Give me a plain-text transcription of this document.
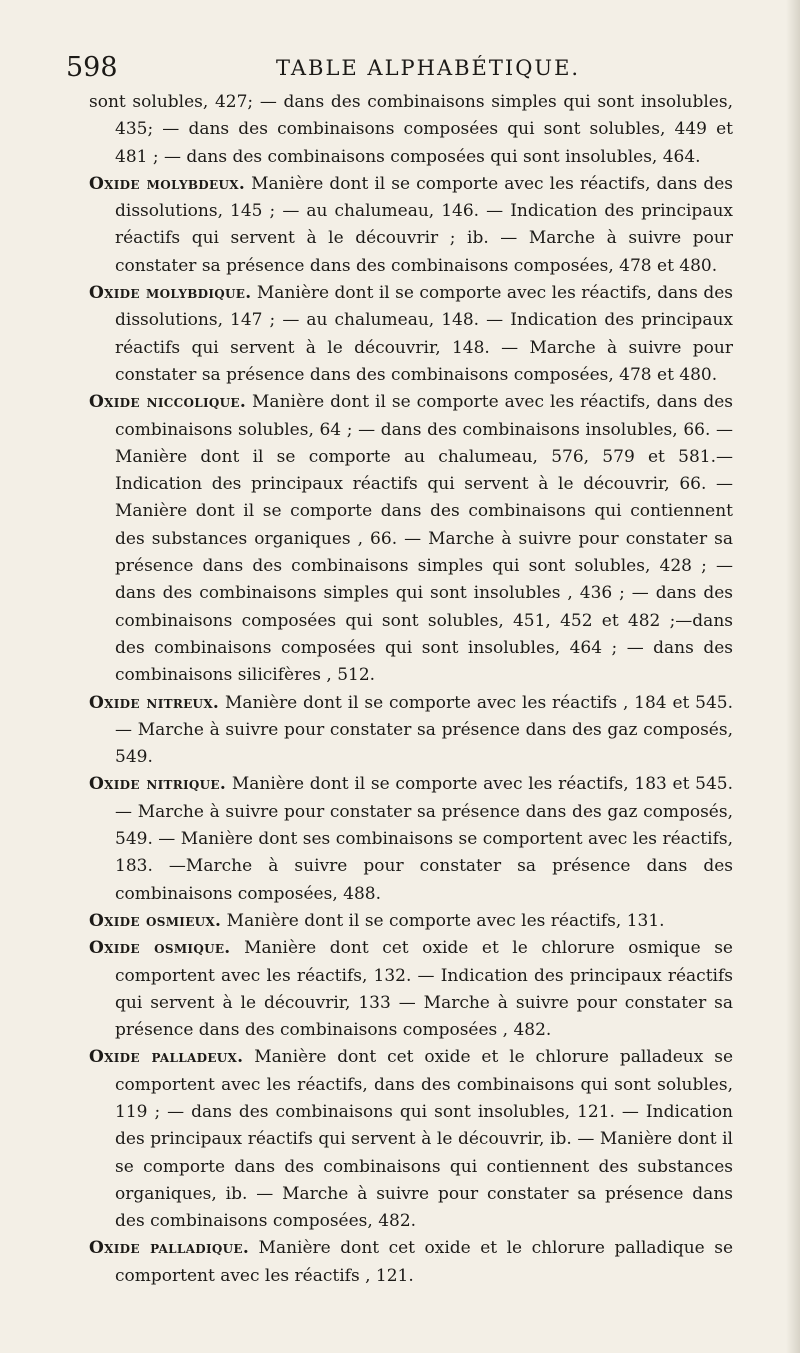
598	TABLE ALPHABÉTIQUE.

sont solubles, 427; — dans des combinaisons simples qui sont insolubles, 435; — dans des combinaisons composées qui sont solubles, 449 et 481 ; — dans des combinaisons composées qui sont insolubles, 464.

Oxide molybdeux. Manière dont il se comporte avec les réactifs, dans des dissolutions, 145 ; — au chalumeau, 146. — Indication des principaux réactifs qui servent à le découvrir ; ib. — Marche à suivre pour constater sa présence dans des combinaisons composées, 478 et 480.

Oxide molybdique. Manière dont il se comporte avec les réactifs, dans des dissolutions, 147 ; — au chalumeau, 148. — Indication des principaux réactifs qui servent à le découvrir, 148. — Marche à suivre pour constater sa présence dans des combinaisons composées, 478 et 480.

Oxide niccolique. Manière dont il se comporte avec les réactifs, dans des combinaisons solubles, 64 ; — dans des combinaisons insolubles, 66. —Manière dont il se comporte au chalumeau, 576, 579 et 581.—Indication des principaux réactifs qui servent à le découvrir, 66. — Manière dont il se comporte dans des combinaisons qui contiennent des substances organiques , 66. — Marche à suivre pour constater sa présence dans des combinaisons simples qui sont solubles, 428 ; — dans des combinaisons simples qui sont insolubles , 436 ; — dans des combinaisons composées qui sont solubles, 451, 452 et 482 ;—dans des combinaisons composées qui sont insolubles, 464 ; — dans des combinaisons silicifères , 512.

Oxide nitreux. Manière dont il se comporte avec les réactifs , 184 et 545. — Marche à suivre pour constater sa présence dans des gaz composés, 549.

Oxide nitrique. Manière dont il se comporte avec les réactifs, 183 et 545.— Marche à suivre pour constater sa présence dans des gaz composés, 549. — Manière dont ses combinaisons se comportent avec les réactifs, 183. —Marche à suivre pour constater sa présence dans des combinaisons composées, 488.

Oxide osmieux. Manière dont il se comporte avec les réactifs, 131.

Oxide osmique. Manière dont cet oxide et le chlorure osmique se comportent avec les réactifs, 132. — Indication des principaux réactifs qui servent à le découvrir, 133 — Marche à suivre pour constater sa présence dans des combinaisons composées , 482.

Oxide palladeux. Manière dont cet oxide et le chlorure palladeux se comportent avec les réactifs, dans des combinaisons qui sont solubles, 119 ; — dans des combinaisons qui sont insolubles, 121. — Indication des principaux réactifs qui servent à le découvrir, ib. — Manière dont il se comporte dans des combinaisons qui contiennent des substances organiques, ib. — Marche à suivre pour constater sa présence dans des combinaisons composées, 482.

Oxide palladique. Manière dont cet oxide et le chlorure palladique se comportent avec les réactifs , 121.
